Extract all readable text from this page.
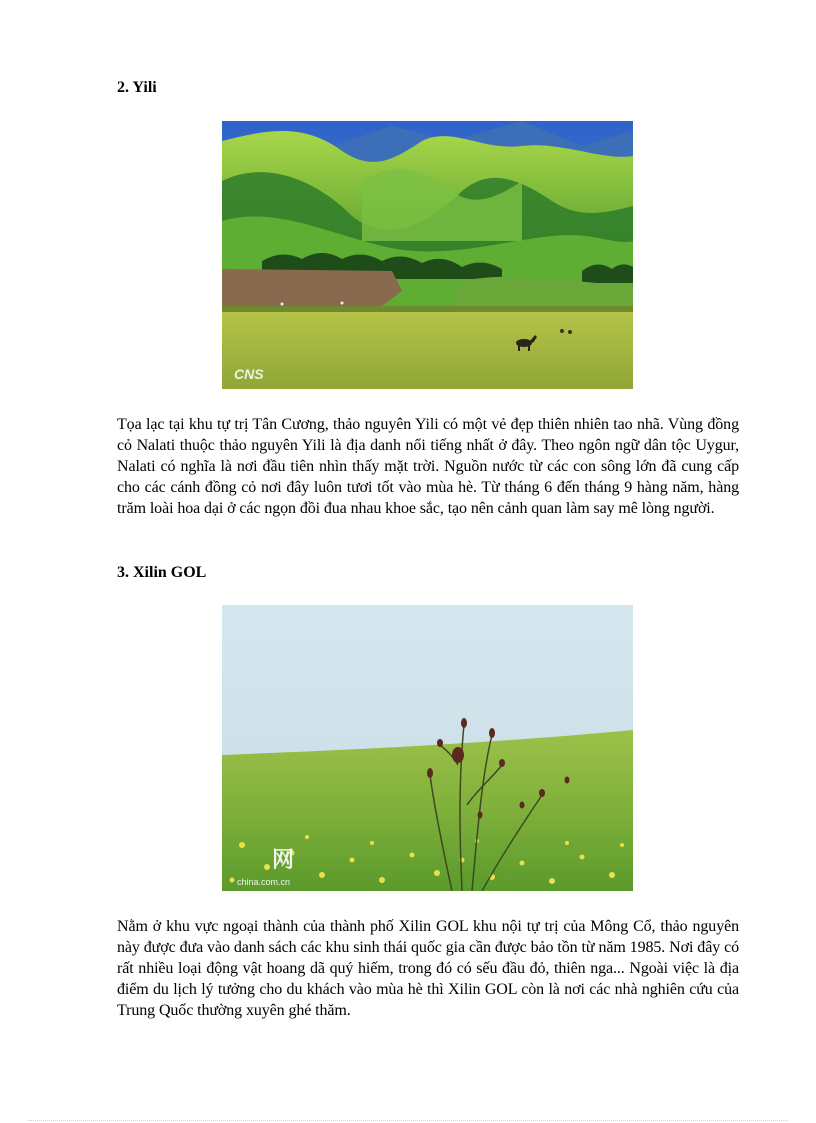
2. Yili
CNS

Tọa lạc tại khu tự trị Tân Cương, thảo nguyên Yili có một vẻ đẹp thiên nhiên tao nhã. Vùng đồng cỏ Nalati thuộc thảo nguyên Yili là địa danh nổi tiếng nhất ở đây. Theo ngôn ngữ dân tộc Uygur, Nalati có nghĩa là nơi đầu tiên nhìn thấy mặt trời. Nguồn nước từ các con sông lớn đã cung cấp cho các cánh đồng cỏ nơi đây luôn tươi tốt vào mùa hè. Từ tháng 6 đến tháng 9 hàng năm, hàng trăm loài hoa dại ở các ngọn đồi đua nhau khoe sắc, tạo nên cảnh quan làm say mê lòng người.

3. Xilin GOL
网
china.com.cn

Nằm ở khu vực ngoại thành của thành phố Xilin GOL khu nội tự trị của Mông Cổ, thảo nguyên này được đưa vào danh sách các khu sinh thái quốc gia cần được bảo tồn từ năm 1985. Nơi đây có rất nhiều loại động vật hoang dã quý hiếm, trong đó có sếu đầu đỏ, thiên nga... Ngoài việc là địa điểm du lịch lý tưởng cho du khách vào mùa hè thì Xilin GOL còn là nơi các nhà nghiên cứu của Trung Quốc thường xuyên ghé thăm.
